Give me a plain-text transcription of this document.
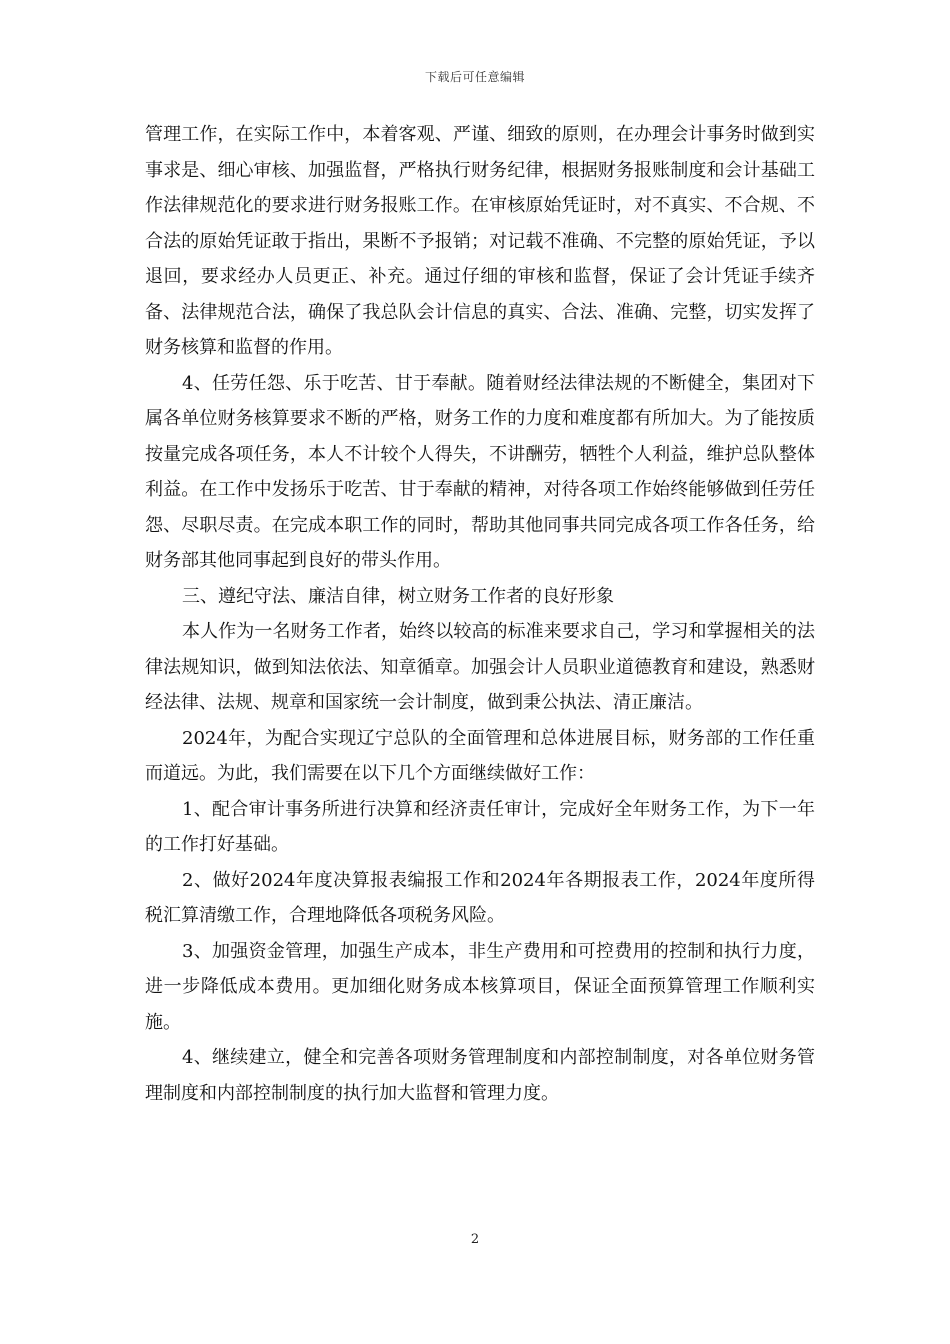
下载后可任意编辑

管理工作，在实际工作中，本着客观、严谨、细致的原则，在办理会计事务时做到实事求是、细心审核、加强监督，严格执行财务纪律，根据财务报账制度和会计基础工作法律规范化的要求进行财务报账工作。在审核原始凭证时，对不真实、不合规、不合法的原始凭证敢于指出，果断不予报销；对记载不准确、不完整的原始凭证，予以退回，要求经办人员更正、补充。通过仔细的审核和监督，保证了会计凭证手续齐备、法律规范合法，确保了我总队会计信息的真实、合法、准确、完整，切实发挥了财务核算和监督的作用。

4、任劳任怨、乐于吃苦、甘于奉献。随着财经法律法规的不断健全，集团对下属各单位财务核算要求不断的严格，财务工作的力度和难度都有所加大。为了能按质按量完成各项任务，本人不计较个人得失，不讲酬劳，牺牲个人利益，维护总队整体利益。在工作中发扬乐于吃苦、甘于奉献的精神，对待各项工作始终能够做到任劳任怨、尽职尽责。在完成本职工作的同时，帮助其他同事共同完成各项工作各任务，给财务部其他同事起到良好的带头作用。

三、遵纪守法、廉洁自律，树立财务工作者的良好形象

本人作为一名财务工作者，始终以较高的标准来要求自己，学习和掌握相关的法律法规知识，做到知法依法、知章循章。加强会计人员职业道德教育和建设，熟悉财经法律、法规、规章和国家统一会计制度，做到秉公执法、清正廉洁。

2024年，为配合实现辽宁总队的全面管理和总体进展目标，财务部的工作任重而道远。为此，我们需要在以下几个方面继续做好工作：

1、配合审计事务所进行决算和经济责任审计，完成好全年财务工作，为下一年的工作打好基础。

2、做好2024年度决算报表编报工作和2024年各期报表工作，2024年度所得税汇算清缴工作，合理地降低各项税务风险。

3、加强资金管理，加强生产成本，非生产费用和可控费用的控制和执行力度，进一步降低成本费用。更加细化财务成本核算项目，保证全面预算管理工作顺利实施。

4、继续建立，健全和完善各项财务管理制度和内部控制制度，对各单位财务管理制度和内部控制制度的执行加大监督和管理力度。

2
